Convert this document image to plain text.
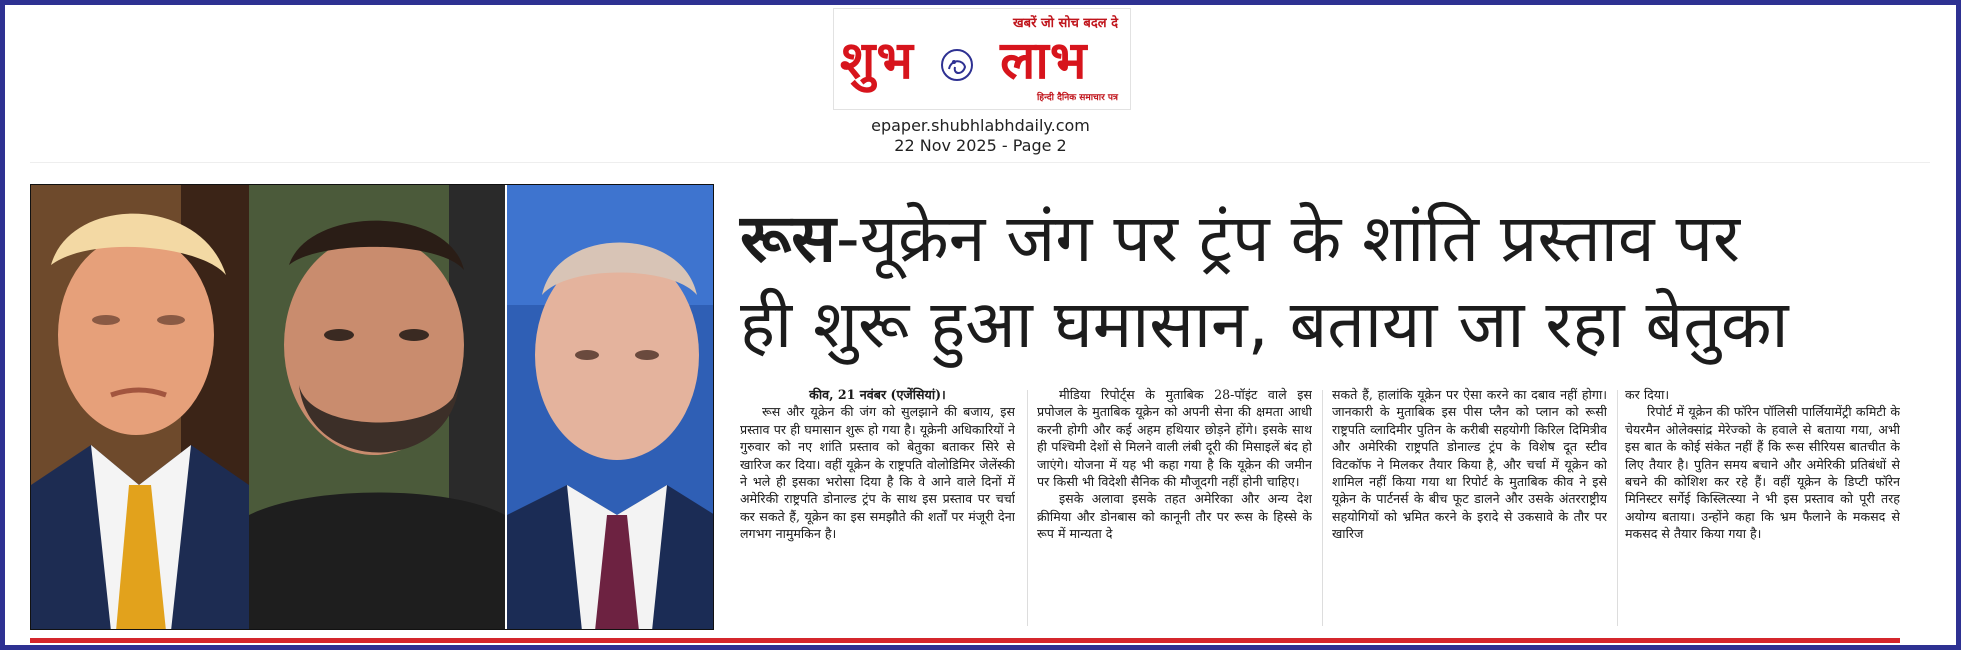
खबरें जो सोच बदल दे
शुभ लाभ
हिन्दी दैनिक समाचार पत्र
epaper.shubhlabhdaily.com
22 Nov 2025 - Page 2
रूस-यूक्रेन जंग पर ट्रंप के शांति प्रस्ताव पर
ही शुरू हुआ घमासान, बताया जा रहा बेतुका

कीव, 21 नवंबर (एजेंसियां)।

रूस और यूक्रेन की जंग को सुलझाने की बजाय, इस प्रस्ताव पर ही घमासान शुरू हो गया है। यूक्रेनी अधिकारियों ने गुरुवार को नए शांति प्रस्ताव को बेतुका बताकर सिरे से खारिज कर दिया। वहीं यूक्रेन के राष्ट्रपति वोलोडिमिर जेलेंस्की ने भले ही इसका भरोसा दिया है कि वे आने वाले दिनों में अमेरिकी राष्ट्रपति डोनाल्ड ट्रंप के साथ इस प्रस्ताव पर चर्चा कर सकते हैं, यूक्रेन का इस समझौते की शर्तों पर मंजूरी देना लगभग नामुमकिन है।

मीडिया रिपोर्ट्स के मुताबिक 28-पॉइंट वाले इस प्रपोजल के मुताबिक यूक्रेन को अपनी सेना की क्षमता आधी करनी होगी और कई अहम हथियार छोड़ने होंगे। इसके साथ ही पश्चिमी देशों से मिलने वाली लंबी दूरी की मिसाइलें बंद हो जाएंगे। योजना में यह भी कहा गया है कि यूक्रेन की जमीन पर किसी भी विदेशी सैनिक की मौजूदगी नहीं होनी चाहिए।

इसके अलावा इसके तहत अमेरिका और अन्य देश क्रीमिया और डोनबास को कानूनी तौर पर रूस के हिस्से के रूप में मान्यता दे

सकते हैं, हालांकि यूक्रेन पर ऐसा करने का दबाव नहीं होगा।जानकारी के मुताबिक इस पीस प्लैन को प्लान को रूसी राष्ट्रपति व्लादिमीर पुतिन के करीबी सहयोगी किरिल दिमित्रीव और अमेरिकी राष्ट्रपति डोनाल्ड ट्रंप के विशेष दूत स्टीव विटकॉफ ने मिलकर तैयार किया है, और चर्चा में यूक्रेन को शामिल नहीं किया गया था रिपोर्ट के मुताबिक कीव ने इसे यूक्रेन के पार्टनर्स के बीच फूट डालने और उसके अंतरराष्ट्रीय सहयोगियों को भ्रमित करने के इरादे से उकसावे के तौर पर खारिज

कर दिया।

रिपोर्ट में यूक्रेन की फॉरेन पॉलिसी पार्लियामेंट्री कमिटी के चेयरमैन ओलेक्सांद्र मेरेज्को के हवाले से बताया गया, अभी इस बात के कोई संकेत नहीं हैं कि रूस सीरियस बातचीत के लिए तैयार है। पुतिन समय बचाने और अमेरिकी प्रतिबंधों से बचने की कोशिश कर रहे हैं। वहीं यूक्रेन के डिप्टी फॉरेन मिनिस्टर सर्गेई किस्लित्स्या ने भी इस प्रस्ताव को पूरी तरह अयोग्य बताया। उन्होंने कहा कि भ्रम फैलाने के मकसद से मकसद से तैयार किया गया है।
